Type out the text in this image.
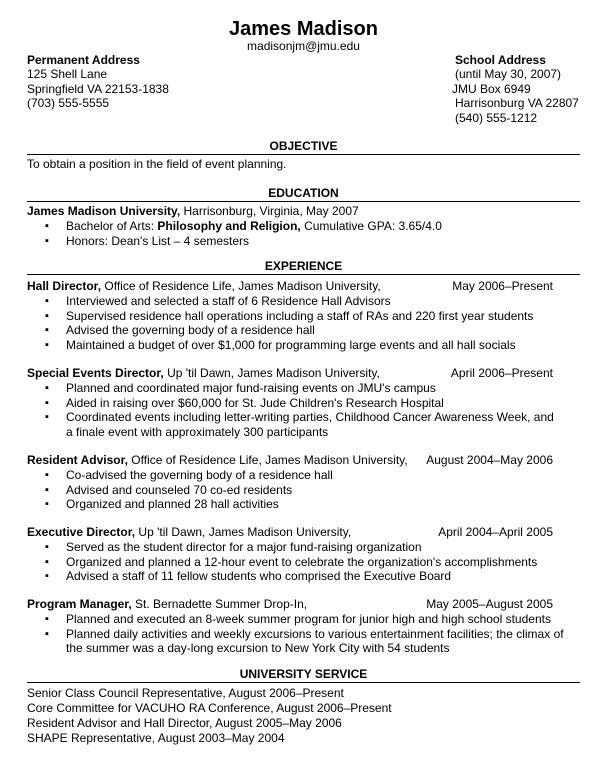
James Madison
madisonjm@jmu.edu
Permanent Address
125 Shell Lane
Springfield VA 22153-1838
(703) 555-5555
School Address
(until May 30, 2007)
JMU Box 6949
Harrisonburg VA 22807
(540) 555-1212
OBJECTIVE
To obtain a position in the field of event planning.
EDUCATION
James Madison University, Harrisonburg, Virginia, May 2007
▪ Bachelor of Arts: Philosophy and Religion, Cumulative GPA: 3.65/4.0
▪ Honors: Dean's List – 4 semesters
EXPERIENCE
Hall Director, Office of Residence Life, James Madison University,	May 2006–Present
▪ Interviewed and selected a staff of 6 Residence Hall Advisors
▪ Supervised residence hall operations including a staff of RAs and 220 first year students
▪ Advised the governing body of a residence hall
▪ Maintained a budget of over $1,000 for programming large events and all hall socials
Special Events Director, Up 'til Dawn, James Madison University,	April 2006–Present
▪ Planned and coordinated major fund-raising events on JMU's campus
▪ Aided in raising over $60,000 for St. Jude Children's Research Hospital
▪ Coordinated events including letter-writing parties, Childhood Cancer Awareness Week, and a finale event with approximately 300 participants
Resident Advisor, Office of Residence Life, James Madison University, August 2004–May 2006
▪ Co-advised the governing body of a residence hall
▪ Advised and counseled 70 co-ed residents
▪ Organized and planned 28 hall activities
Executive Director, Up 'til Dawn, James Madison University,	April 2004–April 2005
▪ Served as the student director for a major fund-raising organization
▪ Organized and planned a 12-hour event to celebrate the organization's accomplishments
▪ Advised a staff of 11 fellow students who comprised the Executive Board
Program Manager, St. Bernadette Summer Drop-In,	May 2005–August 2005
▪ Planned and executed an 8-week summer program for junior high and high school students
▪ Planned daily activities and weekly excursions to various entertainment facilities; the climax of the summer was a day-long excursion to New York City with 54 students
UNIVERSITY SERVICE
Senior Class Council Representative, August 2006–Present
Core Committee for VACUHO RA Conference, August 2006–Present
Resident Advisor and Hall Director, August 2005–May 2006
SHAPE Representative, August 2003–May 2004
